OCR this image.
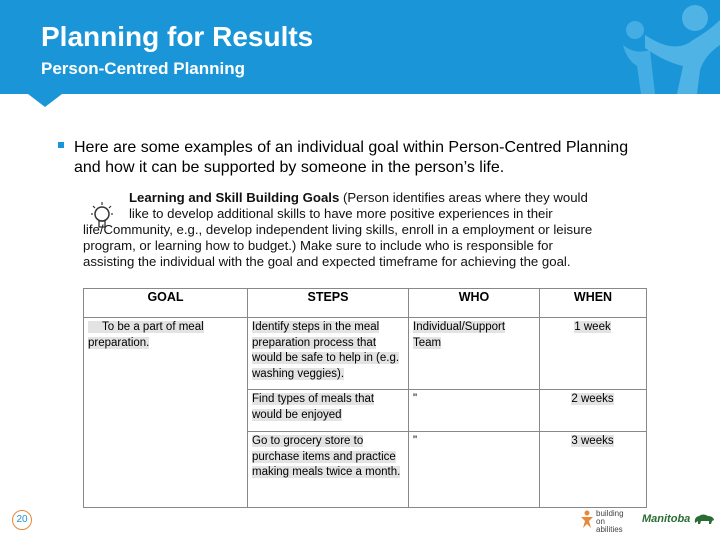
Planning for Results
Person-Centred Planning

Here are some examples of an individual goal within Person-Centred Planning and how it can be supported by someone in the person’s life.

Learning and Skill Building Goals (Person identifies areas where they would

like to develop additional skills to have more positive experiences in their

life/Community, e.g., develop independent living skills, enroll in a employment or leisure

program, or learning how to budget.) Make sure to include who is responsible for

assisting the individual with the goal and expected timeframe for achieving the goal.

GOAL	STEPS	WHO	WHEN
To be a part of meal preparation.	Identify steps in the meal preparation process that would be safe to help in (e.g. washing veggies).	Individual/Support Team	1 week
	Find types of meals that would be enjoyed	"	2 weeks
	Go to grocery store to purchase items and practice making meals twice a month.	"	3 weeks
20
building
on
abilities
Manitoba
